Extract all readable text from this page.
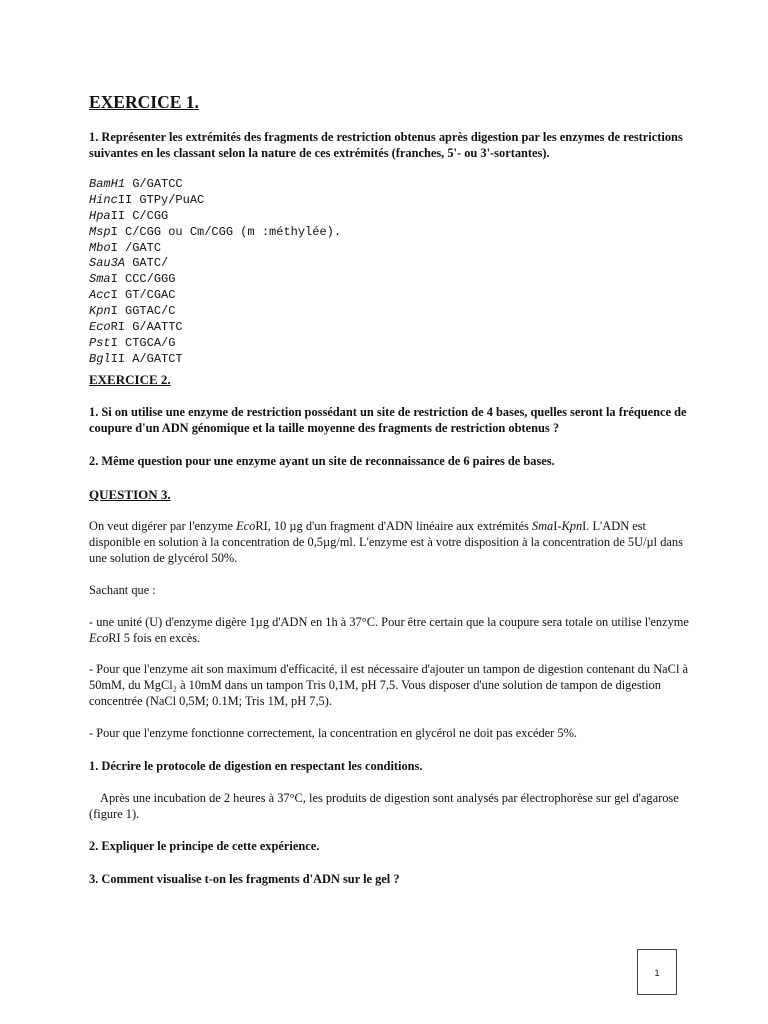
EXERCICE 1.
1. Représenter les extrémités des fragments de restriction obtenus après digestion par les enzymes de restrictions suivantes en les classant selon la nature de ces extrémités (franches, 5'- ou 3'-sortantes).
BamH1 G/GATCC
HincII GTPy/PuAC
HpaII C/CGG
MspI C/CGG ou Cm/CGG (m :méthylée).
MboI /GATC
Sau3A GATC/
SmaI CCC/GGG
AccI GT/CGAC
KpnI GGTAC/C
EcoRI G/AATTC
PstI CTGCA/G
BglII A/GATCT
EXERCICE 2.
1. Si on utilise une enzyme de restriction possédant un site de restriction de 4 bases, quelles seront la fréquence de coupure d'un ADN génomique et la taille moyenne des fragments de restriction obtenus ?
2. Même question pour une enzyme ayant un site de reconnaissance de 6 paires de bases.
QUESTION 3.
On veut digérer par l'enzyme EcoRI, 10 µg d'un fragment d'ADN linéaire aux extrémités SmaI-KpnI. L'ADN est disponible en solution à la concentration de 0,5µg/ml. L'enzyme est à votre disposition à la concentration de 5U/µl dans une solution de glycérol 50%.
Sachant que :
- une unité (U) d'enzyme digère 1µg d'ADN en 1h à 37°C. Pour être certain que la coupure sera totale on utilise l'enzyme EcoRI 5 fois en excès.
- Pour que l'enzyme ait son maximum d'efficacité, il est nécessaire d'ajouter un tampon de digestion contenant du NaCl à 50mM, du MgCl₂ à 10mM dans un tampon Tris 0,1M, pH 7,5. Vous disposer d'une solution de tampon de digestion concentrée (NaCl 0,5M; 0.1M; Tris 1M, pH 7,5).
- Pour que l'enzyme fonctionne correctement, la concentration en glycérol ne doit pas excéder 5%.
1. Décrire le protocole de digestion en respectant les conditions.
Après une incubation de 2 heures à 37°C, les produits de digestion sont analysés par électrophorèse sur gel d'agarose (figure 1).
2. Expliquer le principe de cette expérience.
3. Comment visualise t-on les fragments d'ADN sur le gel ?
1
